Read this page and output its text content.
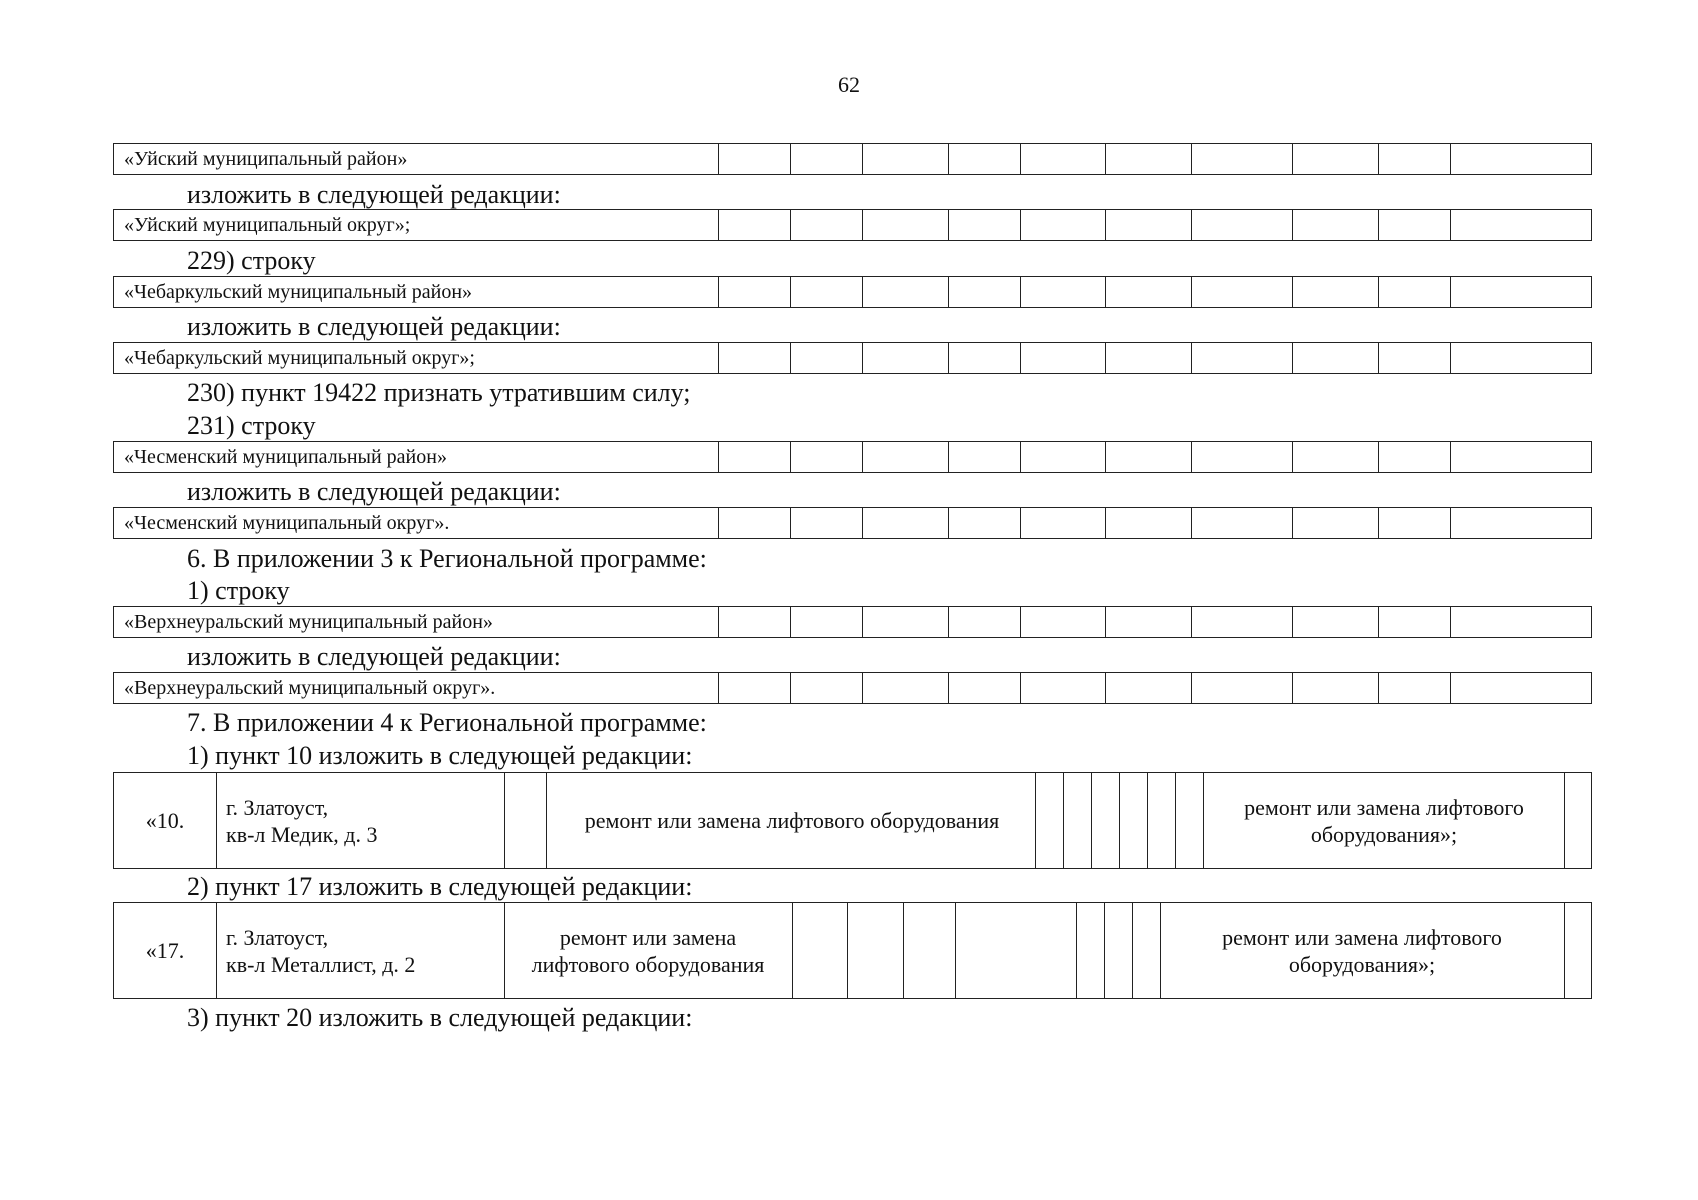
62
«Уйский муниципальный район»
изложить в следующей редакции:
«Уйский муниципальный округ»;
229) строку
«Чебаркульский муниципальный район»
изложить в следующей редакции:
«Чебаркульский муниципальный округ»;
230) пункт 19422 признать утратившим силу;
231) строку
«Чесменский муниципальный район»
изложить в следующей редакции:
«Чесменский муниципальный округ».
6. В приложении 3 к Региональной программе:
1) строку
«Верхнеуральский муниципальный район»
изложить в следующей редакции:
«Верхнеуральский муниципальный округ».
7. В приложении 4 к Региональной программе:
1) пункт 10 изложить в следующей редакции:
«10.
г. Златоуст,
кв-л Медик, д. 3
ремонт или замена лифтового оборудования
ремонт или замена лифтового
оборудования»;
2) пункт 17 изложить в следующей редакции:
«17.
г. Златоуст,
кв-л Металлист, д. 2
ремонт или замена
лифтового оборудования
ремонт или замена лифтового
оборудования»;
3) пункт 20 изложить в следующей редакции:
